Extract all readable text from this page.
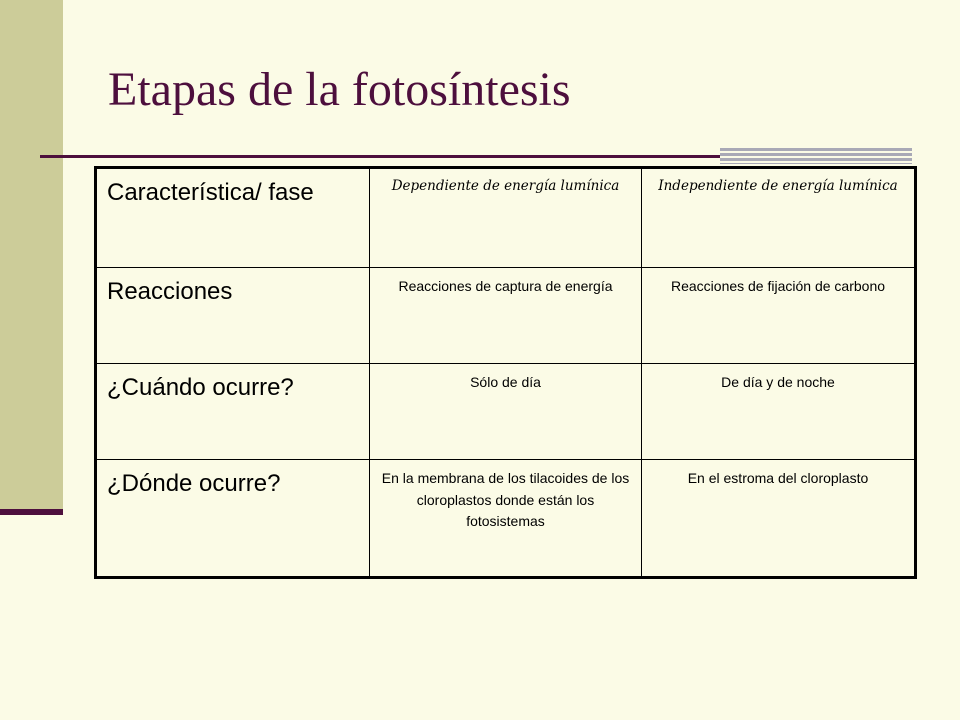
Etapas de la fotosíntesis
Característica/ fase	Dependiente de energía lumínica	Independiente de energía lumínica
Reacciones	Reacciones de captura de energía	Reacciones de fijación de carbono
¿Cuándo ocurre?	Sólo de día	De día y de noche
¿Dónde ocurre?	En la membrana de los tilacoides de los cloroplastos donde están los fotosistemas	En el estroma del cloroplasto
